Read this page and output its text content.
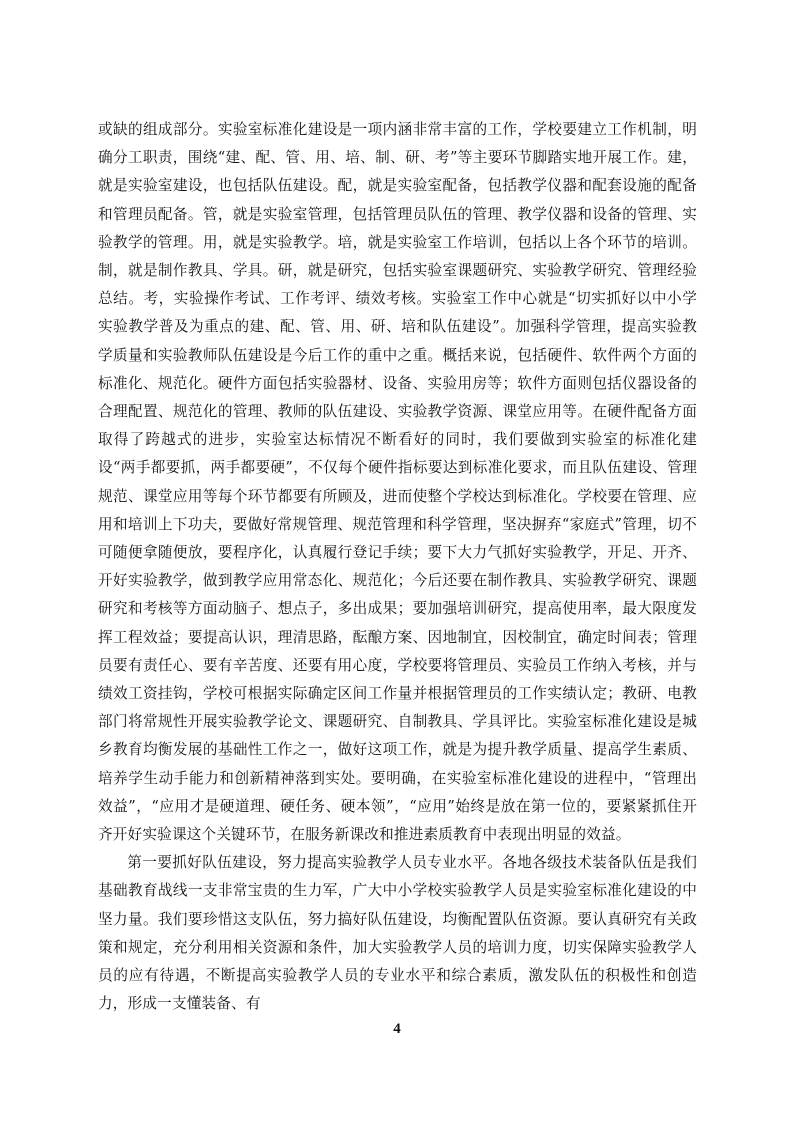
或缺的组成部分。实验室标准化建设是一项内涵非常丰富的工作，学校要建立工作机制，明确分工职责，围绕“建、配、管、用、培、制、研、考”等主要环节脚踏实地开展工作。建，就是实验室建设，也包括队伍建设。配，就是实验室配备，包括教学仪器和配套设施的配备和管理员配备。管，就是实验室管理，包括管理员队伍的管理、教学仪器和设备的管理、实验教学的管理。用，就是实验教学。培，就是实验室工作培训，包括以上各个环节的培训。制，就是制作教具、学具。研，就是研究，包括实验室课题研究、实验教学研究、管理经验总结。考，实验操作考试、工作考评、绩效考核。实验室工作中心就是“切实抓好以中小学实验教学普及为重点的建、配、管、用、研、培和队伍建设”。加强科学管理，提高实验教学质量和实验教师队伍建设是今后工作的重中之重。概括来说，包括硬件、软件两个方面的标准化、规范化。硬件方面包括实验器材、设备、实验用房等；软件方面则包括仪器设备的合理配置、规范化的管理、教师的队伍建设、实验教学资源、课堂应用等。在硬件配备方面取得了跨越式的进步，实验室达标情况不断看好的同时，我们要做到实验室的标准化建设“两手都要抓，两手都要硬”，不仅每个硬件指标要达到标准化要求，而且队伍建设、管理规范、课堂应用等每个环节都要有所顾及，进而使整个学校达到标准化。学校要在管理、应用和培训上下功夫，要做好常规管理、规范管理和科学管理，坚决摒弃“家庭式”管理，切不可随便拿随便放，要程序化，认真履行登记手续；要下大力气抓好实验教学，开足、开齐、开好实验教学，做到教学应用常态化、规范化；今后还要在制作教具、实验教学研究、课题研究和考核等方面动脑子、想点子，多出成果；要加强培训研究，提高使用率，最大限度发挥工程效益；要提高认识，理清思路，酝酿方案、因地制宜，因校制宜，确定时间表；管理员要有责任心、要有辛苦度、还要有用心度，学校要将管理员、实验员工作纳入考核，并与绩效工资挂钩，学校可根据实际确定区间工作量并根据管理员的工作实绩认定；教研、电教部门将常规性开展实验教学论文、课题研究、自制教具、学具评比。实验室标准化建设是城乡教育均衡发展的基础性工作之一，做好这项工作，就是为提升教学质量、提高学生素质、培养学生动手能力和创新精神落到实处。要明确，在实验室标准化建设的进程中，“管理出效益”，“应用才是硬道理、硬任务、硬本领”，“应用”始终是放在第一位的，要紧紧抓住开齐开好实验课这个关键环节，在服务新课改和推进素质教育中表现出明显的效益。

第一要抓好队伍建设，努力提高实验教学人员专业水平。各地各级技术装备队伍是我们基础教育战线一支非常宝贵的生力军，广大中小学校实验教学人员是实验室标准化建设的中坚力量。我们要珍惜这支队伍，努力搞好队伍建设，均衡配置队伍资源。要认真研究有关政策和规定，充分利用相关资源和条件，加大实验教学人员的培训力度，切实保障实验教学人员的应有待遇，不断提高实验教学人员的专业水平和综合素质，激发队伍的积极性和创造力，形成一支懂装备、有

4
